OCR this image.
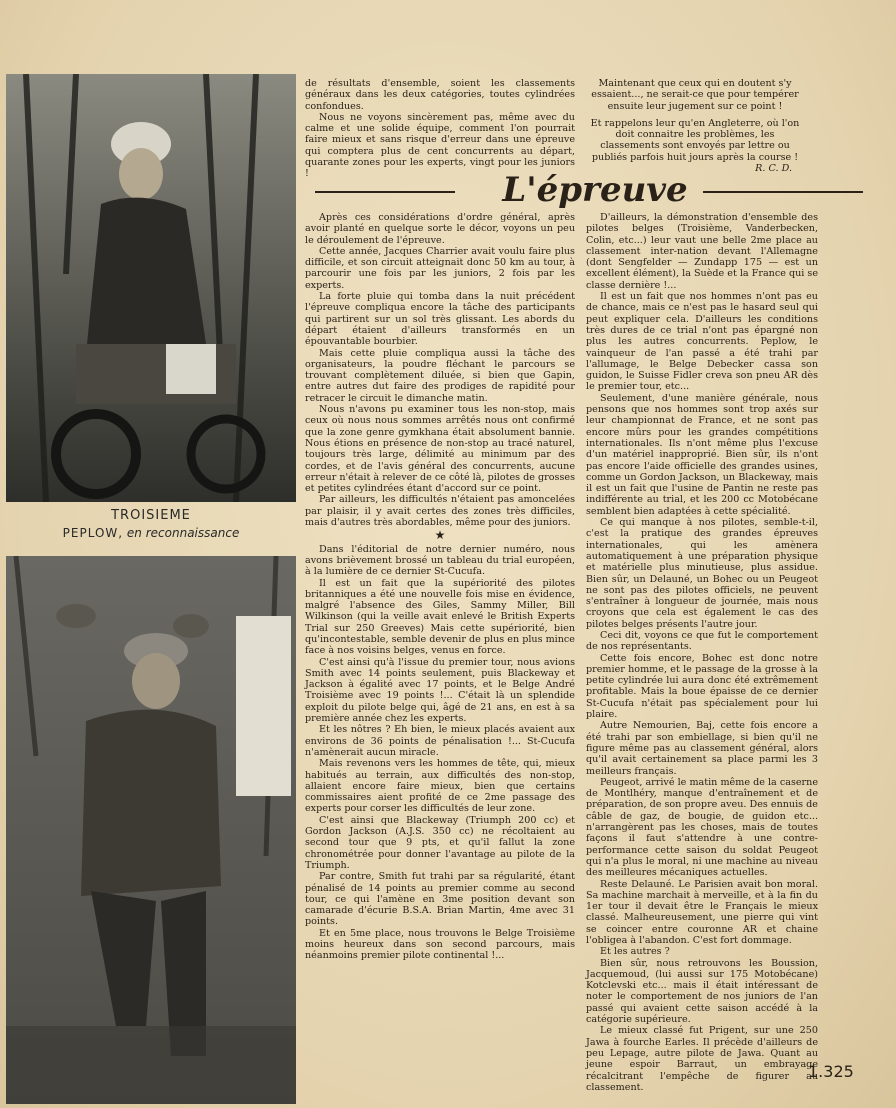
TROISIEME
PEPLOW, en reconnaissance

de résultats d'ensemble, soient les classements généraux dans les deux catégories, toutes cylindrées confondues.

Nous ne voyons sincèrement pas, même avec du calme et une solide équipe, comment l'on pourrait faire mieux et sans risque d'erreur dans une épreuve qui comptera plus de cent concurrents au départ, quarante zones pour les experts, vingt pour les juniors !

Maintenant que ceux qui en doutent s'y essaient..., ne serait-ce que pour tempérer ensuite leur jugement sur ce point !

Et rappelons leur qu'en Angleterre, où l'on doit connaitre les problèmes, les classements sont envoyés par lettre ou publiés parfois huit jours après la course !

R. C. D.

L'épreuve

Après ces considérations d'ordre général, après avoir planté en quelque sorte le décor, voyons un peu le déroulement de l'épreuve.

Cette année, Jacques Charrier avait voulu faire plus difficile, et son circuit atteignait donc 50 km au tour, à parcourir une fois par les juniors, 2 fois par les experts.

La forte pluie qui tomba dans la nuit précédent l'épreuve compliqua encore la tâche des participants qui partirent sur un sol très glissant. Les abords du départ étaient d'ailleurs transformés en un épouvantable bourbier.

Mais cette pluie compliqua aussi la tâche des organisateurs, la poudre fléchant le parcours se trouvant complètement diluée, si bien que Gapin, entre autres dut faire des prodiges de rapidité pour retracer le circuit le dimanche matin.

Nous n'avons pu examiner tous les non-stop, mais ceux où nous nous sommes arrêtés nous ont confirmé que la zone genre gymkhana était absolument bannie. Nous étions en présence de non-stop au tracé naturel, toujours très large, délimité au minimum par des cordes, et de l'avis général des concurrents, aucune erreur n'était à relever de ce côté là, pilotes de grosses et petites cylindrées étant d'accord sur ce point.

Par ailleurs, les difficultés n'étaient pas amoncelées par plaisir, il y avait certes des zones très difficiles, mais d'autres très abordables, même pour des juniors.

★

Dans l'éditorial de notre dernier numéro, nous avons brièvement brossé un tableau du trial européen, à la lumière de ce dernier St-Cucufa.

Il est un fait que la supériorité des pilotes britanniques a été une nouvelle fois mise en évidence, malgré l'absence des Giles, Sammy Miller, Bill Wilkinson (qui la veille avait enlevé le British Experts Trial sur 250 Greeves) Mais cette supériorité, bien qu'incontestable, semble devenir de plus en plus mince face à nos voisins belges, venus en force.

C'est ainsi qu'à l'issue du premier tour, nous avions Smith avec 14 points seulement, puis Blackeway et Jackson à égalité avec 17 points, et le Belge André Troisième avec 19 points !... C'était là un splendide exploit du pilote belge qui, âgé de 21 ans, en est à sa première année chez les experts.

Et les nôtres ? Eh bien, le mieux placés avaient aux environs de 36 points de pénalisation !... St-Cucufa n'amènerait aucun miracle.

Mais revenons vers les hommes de tête, qui, mieux habitués au terrain, aux difficultés des non-stop, allaient encore faire mieux, bien que certains commissaires aient profité de ce 2me passage des experts pour corser les difficultés de leur zone.

C'est ainsi que Blackeway (Triumph 200 cc) et Gordon Jackson (A.J.S. 350 cc) ne récoltaient au second tour que 9 pts, et qu'il fallut la zone chronométrée pour donner l'avantage au pilote de la Triumph.

Par contre, Smith fut trahi par sa régularité, étant pénalisé de 14 points au premier comme au second tour, ce qui l'amène en 3me position devant son camarade d'écurie B.S.A. Brian Martin, 4me avec 31 points.

Et en 5me place, nous trouvons le Belge Troisième moins heureux dans son second parcours, mais néanmoins premier pilote continental !...

D'ailleurs, la démonstration d'ensemble des pilotes belges (Troisième, Vanderbecken, Colin, etc...) leur vaut une belle 2me place au classement inter-nation devant l'Allemagne (dont Sengfelder — Zundapp 175 — est un excellent élément), la Suède et la France qui se classe dernière !...

Il est un fait que nos hommes n'ont pas eu de chance, mais ce n'est pas le hasard seul qui peut expliquer cela. D'ailleurs les conditions très dures de ce trial n'ont pas épargné non plus les autres concurrents. Peplow, le vainqueur de l'an passé a été trahi par l'allumage, le Belge Debecker cassa son guidon, le Suisse Fidler creva son pneu AR dès le premier tour, etc...

Seulement, d'une manière générale, nous pensons que nos hommes sont trop axés sur leur championnat de France, et ne sont pas encore mûrs pour les grandes compétitions internationales. Ils n'ont même plus l'excuse d'un matériel inapproprié. Bien sûr, ils n'ont pas encore l'aide officielle des grandes usines, comme un Gordon Jackson, un Blackeway, mais il est un fait que l'usine de Pantin ne reste pas indifférente au trial, et les 200 cc Motobécane semblent bien adaptées à cette spécialité.

Ce qui manque à nos pilotes, semble-t-il, c'est la pratique des grandes épreuves internationales, qui les amènera automatiquement à une préparation physique et matérielle plus minutieuse, plus assidue. Bien sûr, un Delauné, un Bohec ou un Peugeot ne sont pas des pilotes officiels, ne peuvent s'entraîner à longueur de journée, mais nous croyons que cela est également le cas des pilotes belges présents l'autre jour.

Ceci dit, voyons ce que fut le comportement de nos représentants.

Cette fois encore, Bohec est donc notre premier homme, et le passage de la grosse à la petite cylindrée lui aura donc été extrêmement profitable. Mais la boue épaisse de ce dernier St-Cucufa n'était pas spécialement pour lui plaire.

Autre Nemourien, Baj, cette fois encore a été trahi par son embiellage, si bien qu'il ne figure même pas au classement général, alors qu'il avait certainement sa place parmi les 3 meilleurs français.

Peugeot, arrivé le matin même de la caserne de Montlhéry, manque d'entraînement et de préparation, de son propre aveu. Des ennuis de câble de gaz, de bougie, de guidon etc... n'arrangèrent pas les choses, mais de toutes façons il faut s'attendre à une contre-performance cette saison du soldat Peugeot qui n'a plus le moral, ni une machine au niveau des meilleures mécaniques actuelles.

Reste Delauné. Le Parisien avait bon moral. Sa machine marchait à merveille, et à la fin du 1er tour il devait être le Français le mieux classé. Malheureusement, une pierre qui vint se coincer entre couronne AR et chaine l'obligea à l'abandon. C'est fort dommage.

Et les autres ?

Bien sûr, nous retrouvons les Boussion, Jacquemoud, (lui aussi sur 175 Motobécane) Kotclevski etc... mais il était intéressant de noter le comportement de nos juniors de l'an passé qui avaient cette saison accédé à la catégorie supérieure.

Le mieux classé fut Prigent, sur une 250 Jawa à fourche Earles. Il précède d'ailleurs de peu Lepage, autre pilote de Jawa. Quant au jeune espoir Barraut, un embrayage récalcitrant l'empêche de figurer au classement.

1.325
